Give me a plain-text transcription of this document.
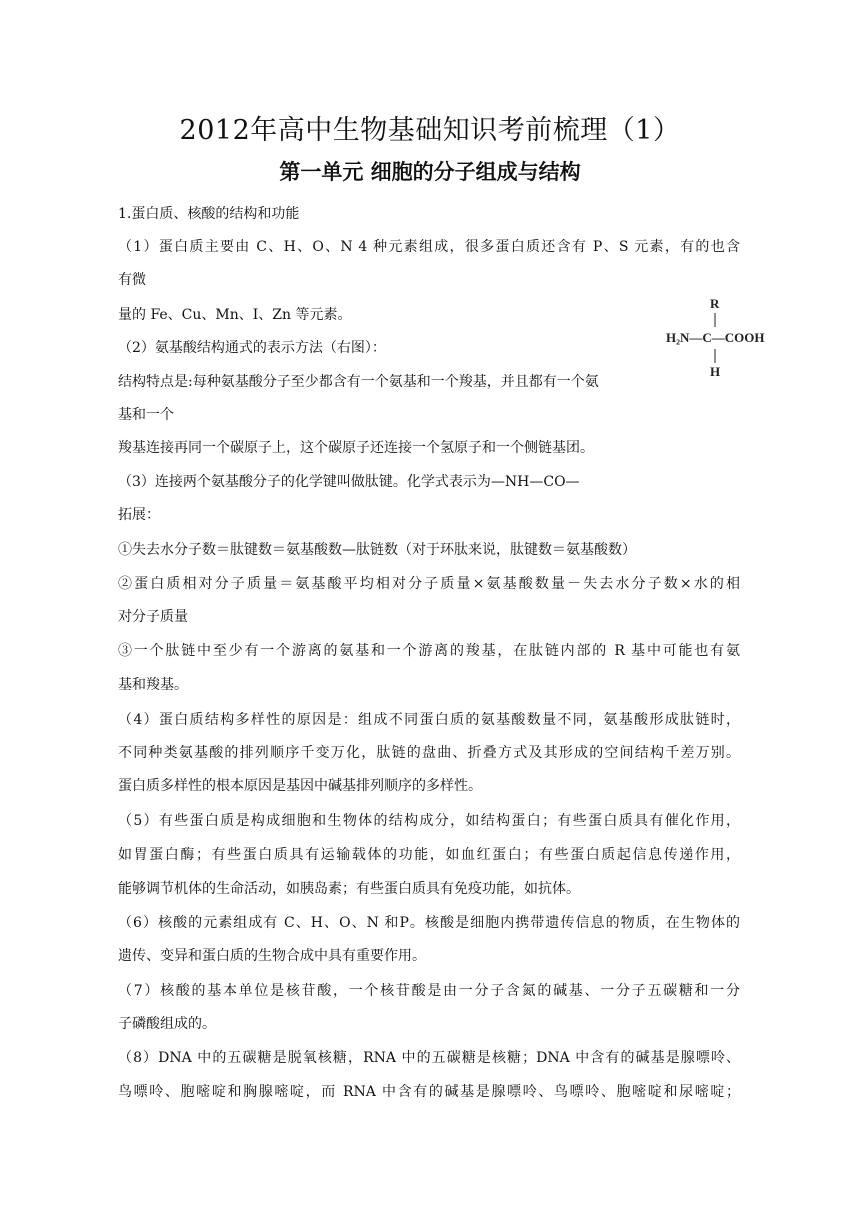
2012年高中生物基础知识考前梳理（1）
第一单元 细胞的分子组成与结构
1.蛋白质、核酸的结构和功能
（1）蛋白质主要由 C、H、O、N 4 种元素组成，很多蛋白质还含有 P、S 元素，有的也含
有微
量的 Fe、Cu、Mn、I、Zn 等元素。
（2）氨基酸结构通式的表示方法（右图）：
结构特点是:每种氨基酸分子至少都含有一个氨基和一个羧基，并且都有一个氨
基和一个
羧基连接再同一个碳原子上，这个碳原子还连接一个氢原子和一个侧链基团。
（3）连接两个氨基酸分子的化学键叫做肽键。化学式表示为—NH—CO—
拓展：
①失去水分子数＝肽键数＝氨基酸数—肽链数（对于环肽来说，肽键数＝氨基酸数）
②蛋白质相对分子质量＝氨基酸平均相对分子质量×氨基酸数量－失去水分子数×水的相
对分子质量
③一个肽链中至少有一个游离的氨基和一个游离的羧基，在肽链内部的 R 基中可能也有氨
基和羧基。
（4）蛋白质结构多样性的原因是：组成不同蛋白质的氨基酸数量不同，氨基酸形成肽链时，
不同种类氨基酸的排列顺序千变万化，肽链的盘曲、折叠方式及其形成的空间结构千差万别。
蛋白质多样性的根本原因是基因中碱基排列顺序的多样性。
（5）有些蛋白质是构成细胞和生物体的结构成分，如结构蛋白；有些蛋白质具有催化作用，
如胃蛋白酶；有些蛋白质具有运输载体的功能，如血红蛋白；有些蛋白质起信息传递作用，
能够调节机体的生命活动，如胰岛素；有些蛋白质具有免疫功能，如抗体。
（6）核酸的元素组成有 C、H、O、N 和P。核酸是细胞内携带遗传信息的物质，在生物体的
遗传、变异和蛋白质的生物合成中具有重要作用。
（7）核酸的基本单位是核苷酸，一个核苷酸是由一分子含氮的碱基、一分子五碳糖和一分
子磷酸组成的。
（8）DNA 中的五碳糖是脱氧核糖，RNA 中的五碳糖是核糖；DNA 中含有的碱基是腺嘌呤、
鸟嘌呤、胞嘧啶和胸腺嘧啶，而 RNA 中含有的碱基是腺嘌呤、鸟嘌呤、胞嘧啶和尿嘧啶；
R
H₂N—C—COOH
H
